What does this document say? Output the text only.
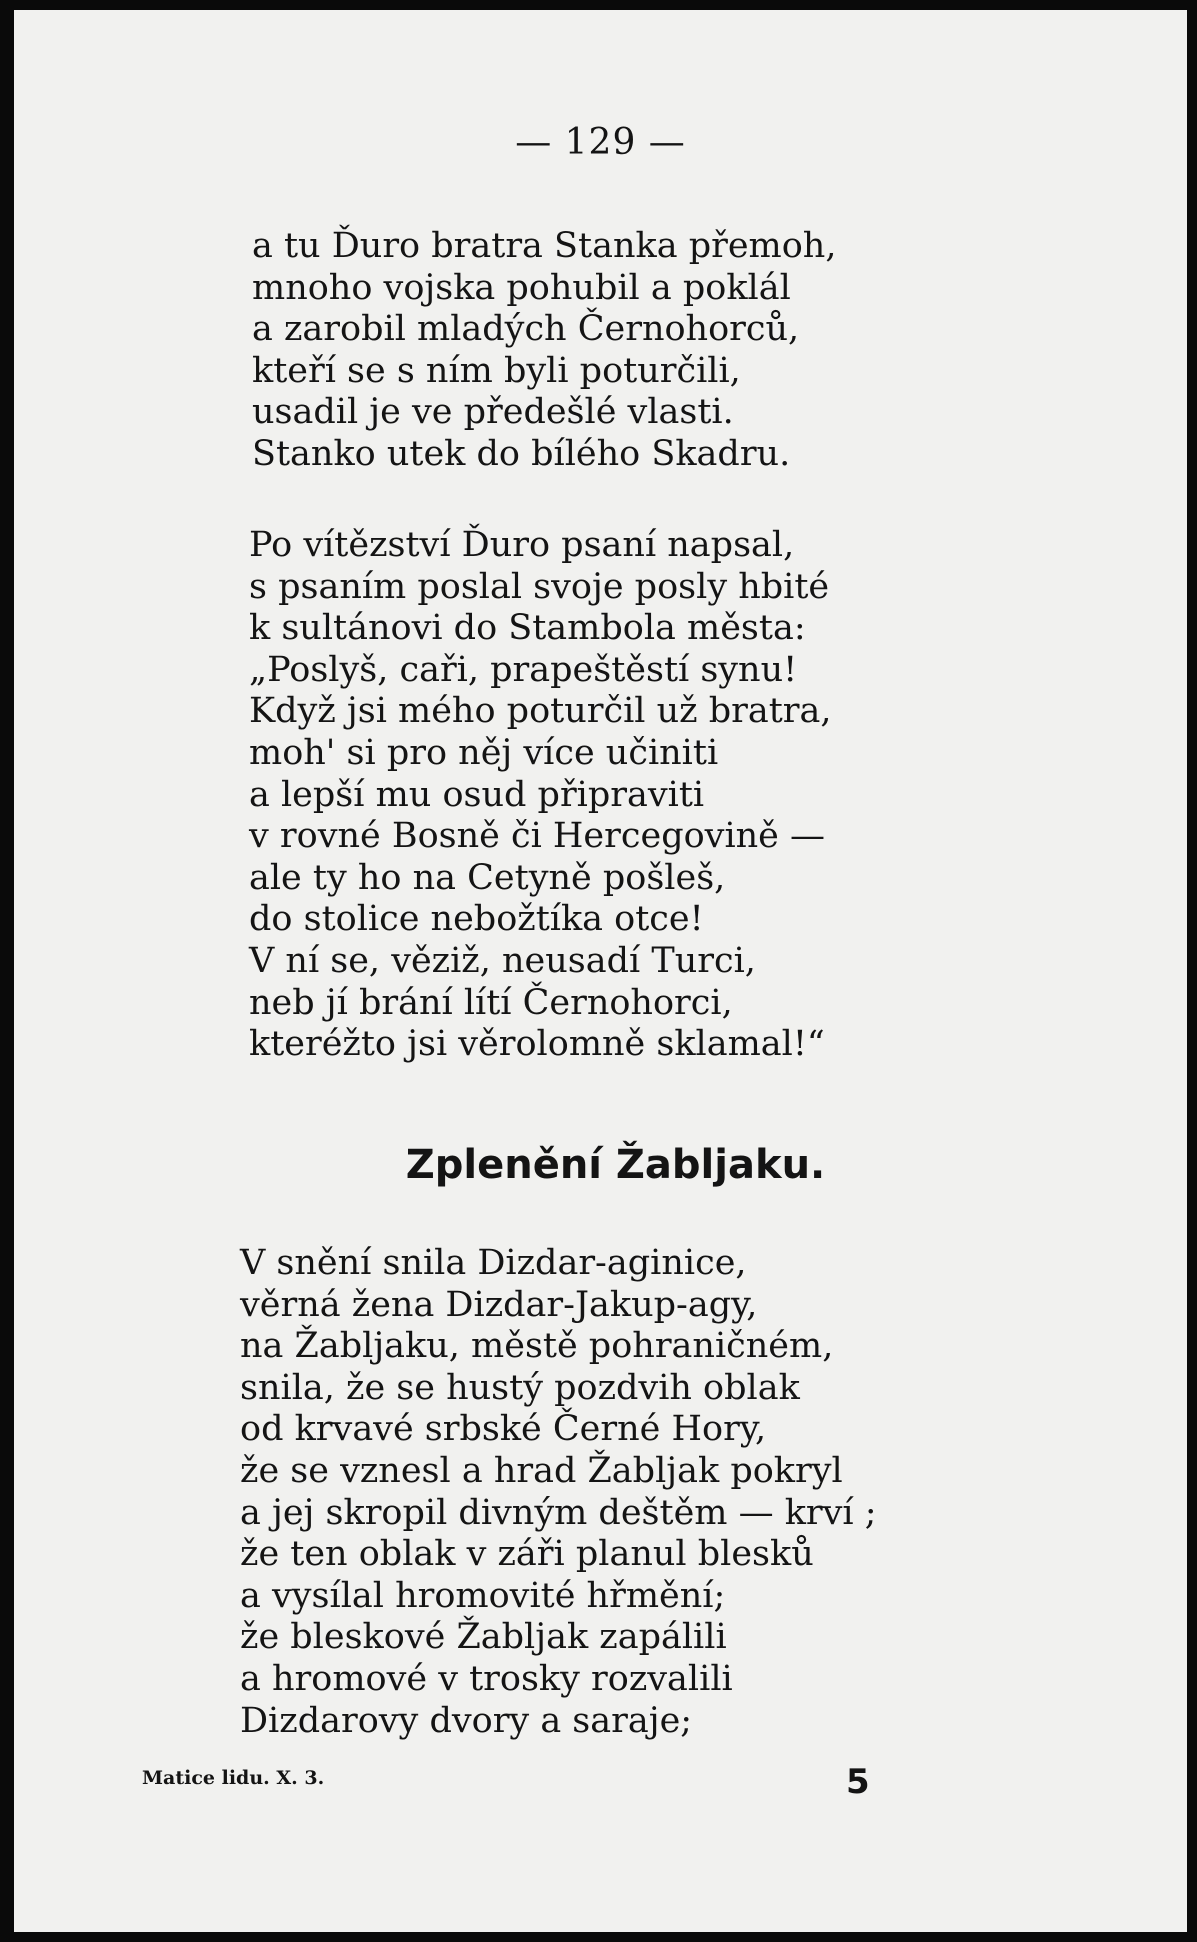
— 129 —
a tu Ďuro bratra Stanka přemoh,
mnoho vojska pohubil a poklál
a zarobil mladých Černohorců,
kteří se s ním byli poturčili,
usadil je ve předešlé vlasti.
Stanko utek do bílého Skadru.
Po vítězství Ďuro psaní napsal,
s psaním poslal svoje posly hbité
k sultánovi do Stambola města:
„Poslyš, caři, prapeštěstí synu!
Když jsi mého poturčil už bratra,
moh' si pro něj více učiniti
a lepší mu osud připraviti
v rovné Bosně či Hercegovině —
ale ty ho na Cetyně pošleš,
do stolice nebožtíka otce!
V ní se, věziž, neusadí Turci,
neb jí brání lítí Černohorci,
kteréžto jsi věrolomně sklamal!“
Zplenění Žabljaku.
V snění snila Dizdar-aginice,
věrná žena Dizdar-Jakup-agy,
na Žabljaku, městě pohraničném,
snila, že se hustý pozdvih oblak
od krvavé srbské Černé Hory,
že se vznesl a hrad Žabljak pokryl
a jej skropil divným deštěm — krví ;
že ten oblak v záři planul blesků
a vysílal hromovité hřmění;
že bleskové Žabljak zapálili
a hromové v trosky rozvalili
Dizdarovy dvory a saraje;
Matice lidu. X. 3.	5
